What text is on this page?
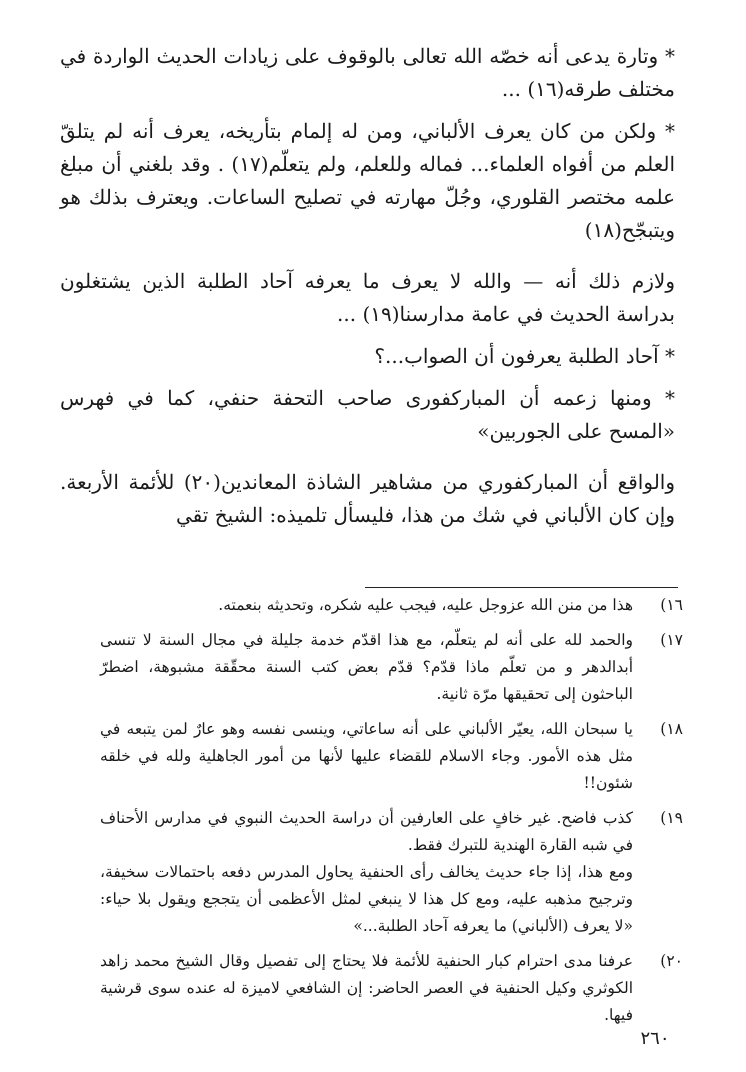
* وتارة يدعى أنه خصّه الله تعالى بالوقوف على زيادات الحديث الواردة في مختلف طرقه(١٦) ...

* ولكن من كان يعرف الألباني، ومن له إلمام بتأريخه، يعرف أنه لم يتلقّ العلم من أفواه العلماء... فماله وللعلم، ولم يتعلّم(١٧) . وقد بلغني أن مبلغ علمه مختصر القلوري، وجُلّ مهارته في تصليح الساعات. ويعترف بذلك هو ويتبجّح(١٨)

ولازم ذلك أنه — والله لا يعرف ما يعرفه آحاد الطلبة الذين يشتغلون بدراسة الحديث في عامة مدارسنا(١٩) ...

* آحاد الطلبة يعرفون أن الصواب...؟

* ومنها زعمه أن المباركفورى صاحب التحفة حنفي، كما في فهرس «المسح على الجوربين»

والواقع أن المباركفوري من مشاهير الشاذة المعاندين(٢٠) للأئمة الأربعة. وإن كان الألباني في شك من هذا، فليسأل تلميذه: الشيخ تقي

١٦)

هذا من منن الله عزوجل عليه، فيجب عليه شكره، وتحديثه بنعمته.

١٧)

والحمد لله على أنه لم يتعلّم، مع هذا اقدّم خدمة جليلة في مجال السنة لا تنسى أبدالدهر و من تعلّم ماذا قدّم؟ قدّم بعض كتب السنة محقّقة مشبوهة، اضطرّ الباحثون إلى تحقيقها مرّة ثانية.

١٨)

يا سبحان الله، يعيّر الألباني على أنه ساعاتي، وينسى نفسه وهو عارٌ لمن يتبعه في مثل هذه الأمور. وجاء الاسلام للقضاء عليها لأنها من أمور الجاهلية ولله في خلقه شئون!!

١٩)

كذب فاضح. غير خافٍ على العارفين أن دراسة الحديث النبوي في مدارس الأحناف في شبه القارة الهندية للتبرك فقط.

ومع هذا، إذا جاء حديث يخالف رأى الحنفية يحاول المدرس دفعه باحتمالات سخيفة، وترجيح مذهبه عليه، ومع كل هذا لا ينبغي لمثل الأعظمى أن يتججع ويقول بلا حياء: «لا يعرف (الألباني) ما يعرفه آحاد الطلبة...»

٢٠)

عرفنا مدى احترام كبار الحنفية للأئمة فلا يحتاج إلى تفصيل وقال الشيخ محمد زاهد الكوثري وكيل الحنفية في العصر الحاضر: إن الشافعي لاميزة له عنده سوى قرشية فيها.

٢٦٠
